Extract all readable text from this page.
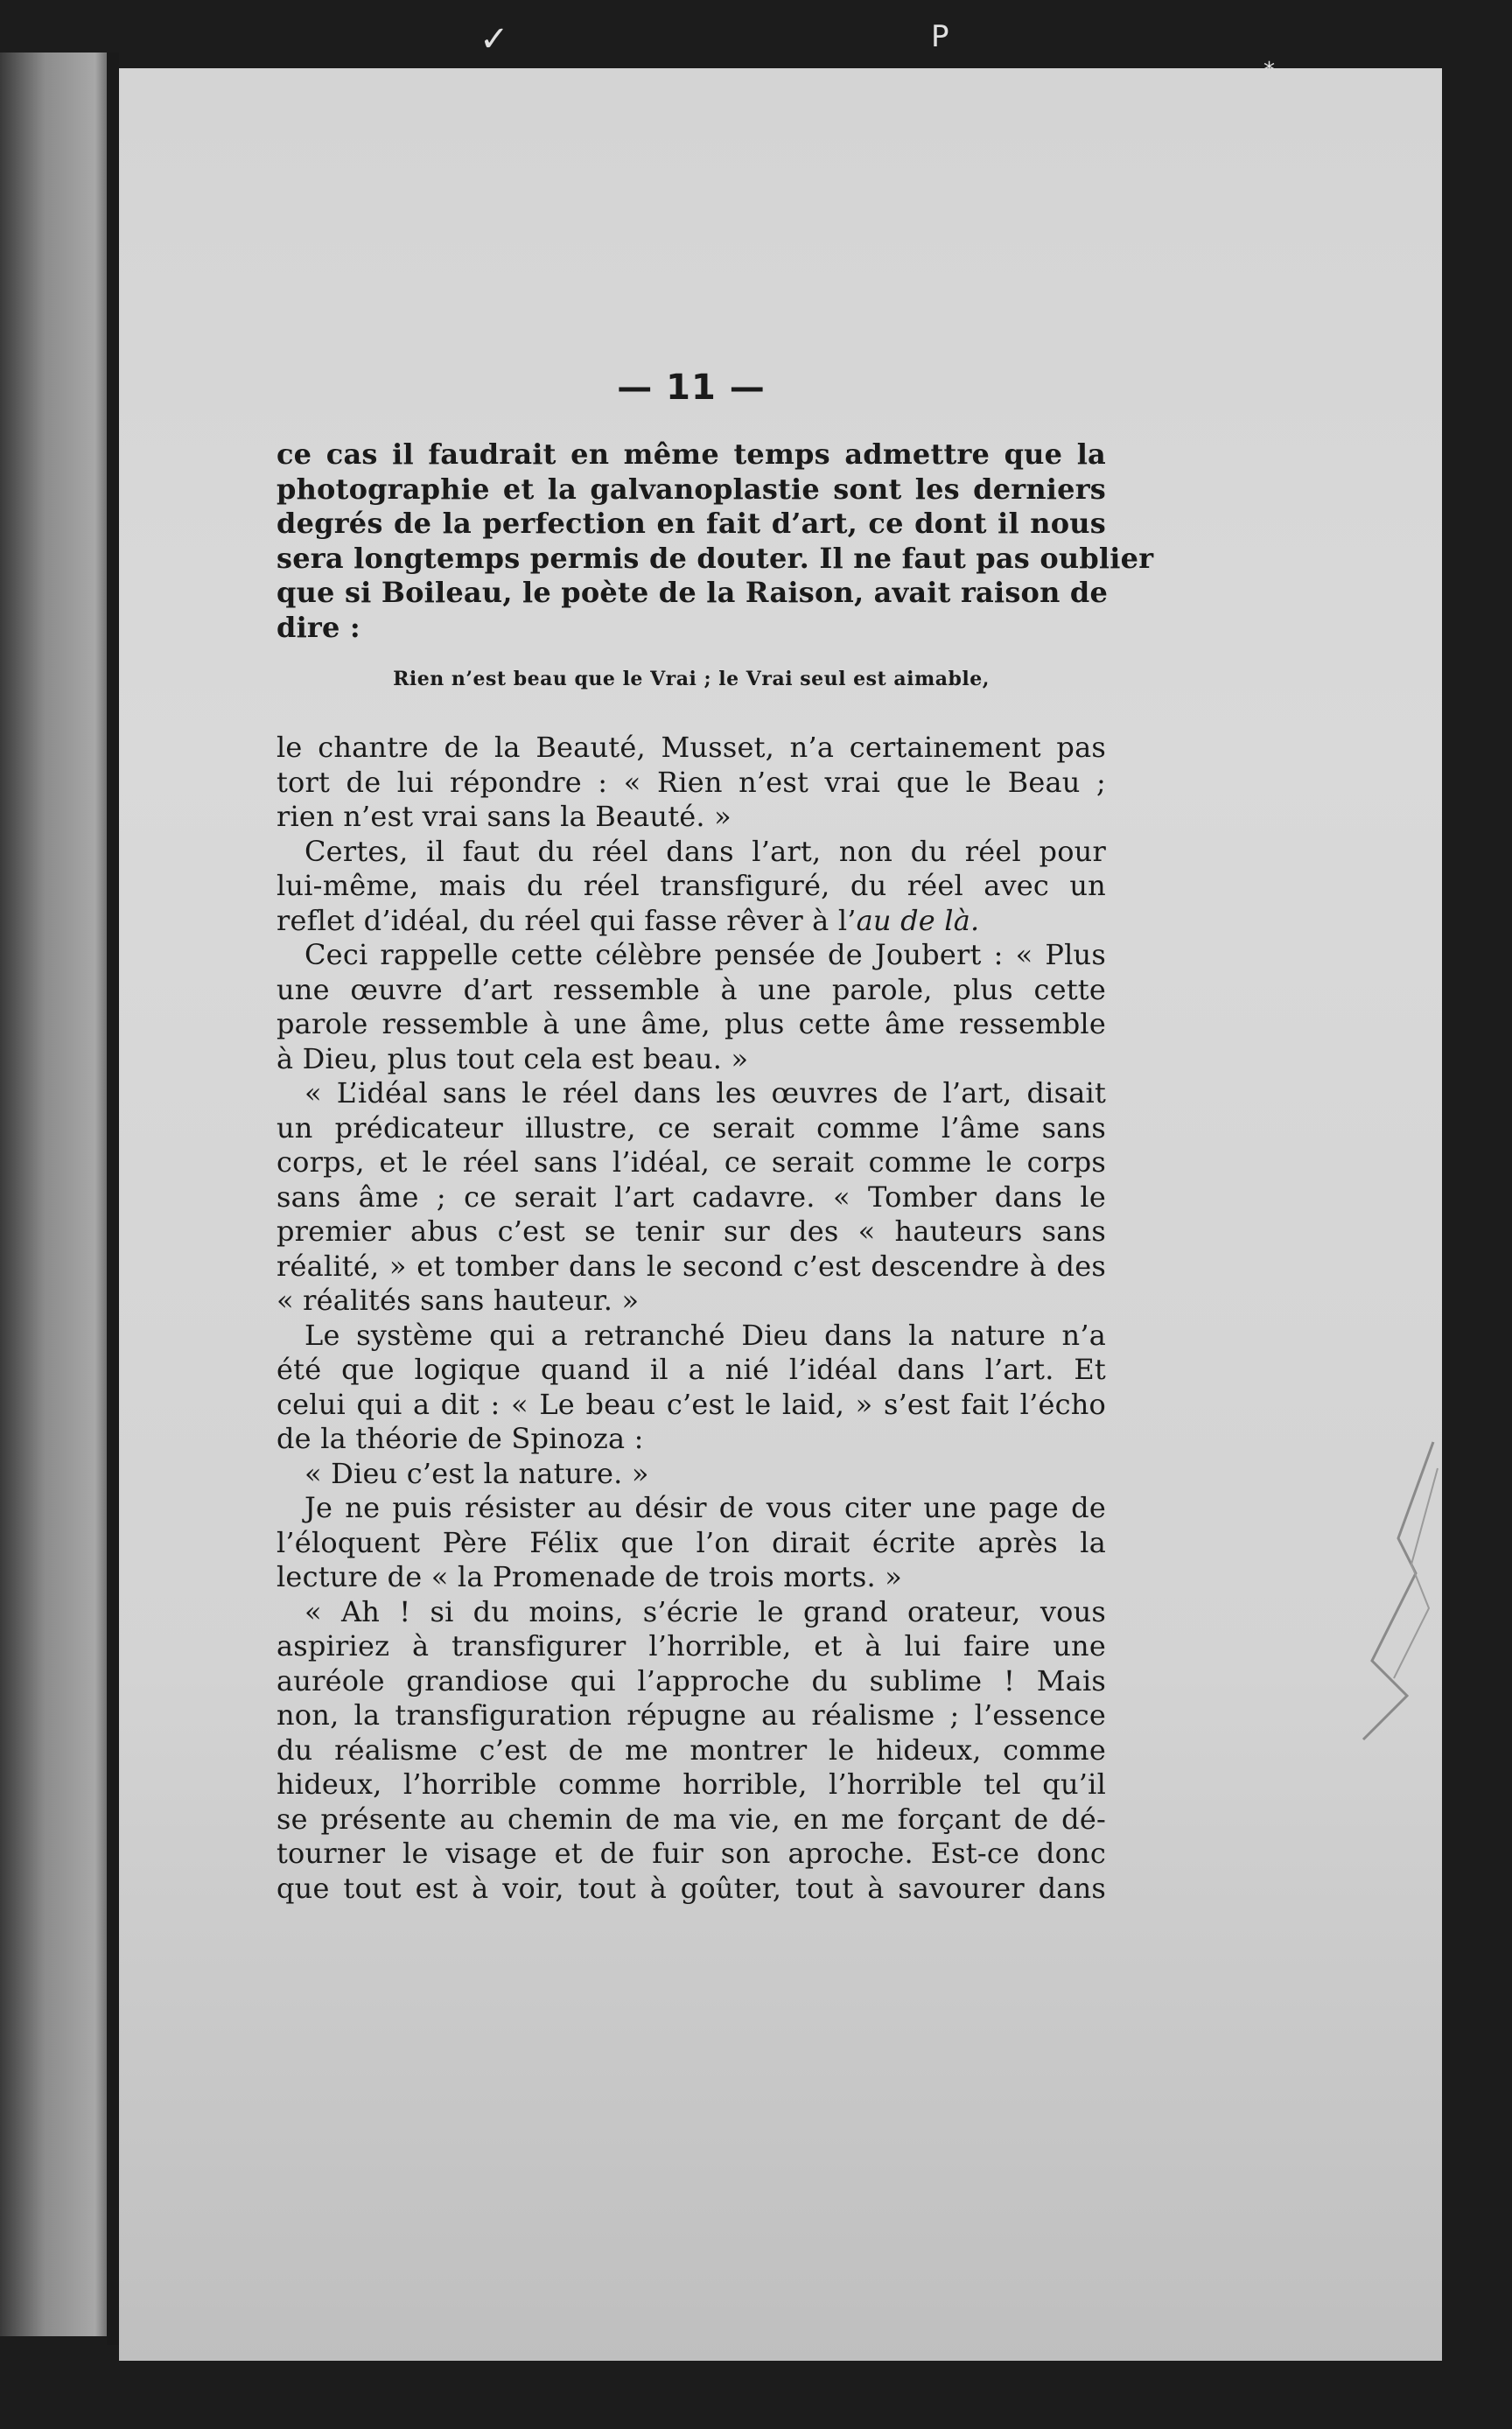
✓	P
— 11 —
ce cas il faudrait en même temps admettre que la
photographie et la galvanoplastie sont les derniers
degrés de la perfection en fait d’art, ce dont il nous
sera longtemps permis de douter. Il ne faut pas oublier
que si Boileau, le poète de la Raison, avait raison de
dire :
Rien n’est beau que le Vrai ; le Vrai seul est aimable,
le chantre de la Beauté, Musset, n’a certainement pas
tort de lui répondre : « Rien n’est vrai que le Beau ;
rien n’est vrai sans la Beauté. »
Certes, il faut du réel dans l’art, non du réel pour
lui-même, mais du réel transfiguré, du réel avec un
reflet d’idéal, du réel qui fasse rêver à l’au de là.
Ceci rappelle cette célèbre pensée de Joubert : « Plus
une œuvre d’art ressemble à une parole, plus cette
parole ressemble à une âme, plus cette âme ressemble
à Dieu, plus tout cela est beau. »
« L’idéal sans le réel dans les œuvres de l’art, disait
un prédicateur illustre, ce serait comme l’âme sans
corps, et le réel sans l’idéal, ce serait comme le corps
sans âme ; ce serait l’art cadavre. « Tomber dans le
premier abus c’est se tenir sur des « hauteurs sans
réalité, » et tomber dans le second c’est descendre à des
« réalités sans hauteur. »
Le système qui a retranché Dieu dans la nature n’a
été que logique quand il a nié l’idéal dans l’art. Et
celui qui a dit : « Le beau c’est le laid, » s’est fait l’écho
de la théorie de Spinoza :
« Dieu c’est la nature. »
Je ne puis résister au désir de vous citer une page de
l’éloquent Père Félix que l’on dirait écrite après la
lecture de « la Promenade de trois morts. »
« Ah ! si du moins, s’écrie le grand orateur, vous
aspiriez à transfigurer l’horrible, et à lui faire une
auréole grandiose qui l’approche du sublime ! Mais
non, la transfiguration répugne au réalisme ; l’essence
du réalisme c’est de me montrer le hideux, comme
hideux, l’horrible comme horrible, l’horrible tel qu’il
se présente au chemin de ma vie, en me forçant de dé-
tourner le visage et de fuir son aproche. Est-ce donc
que tout est à voir, tout à goûter, tout à savourer dans
